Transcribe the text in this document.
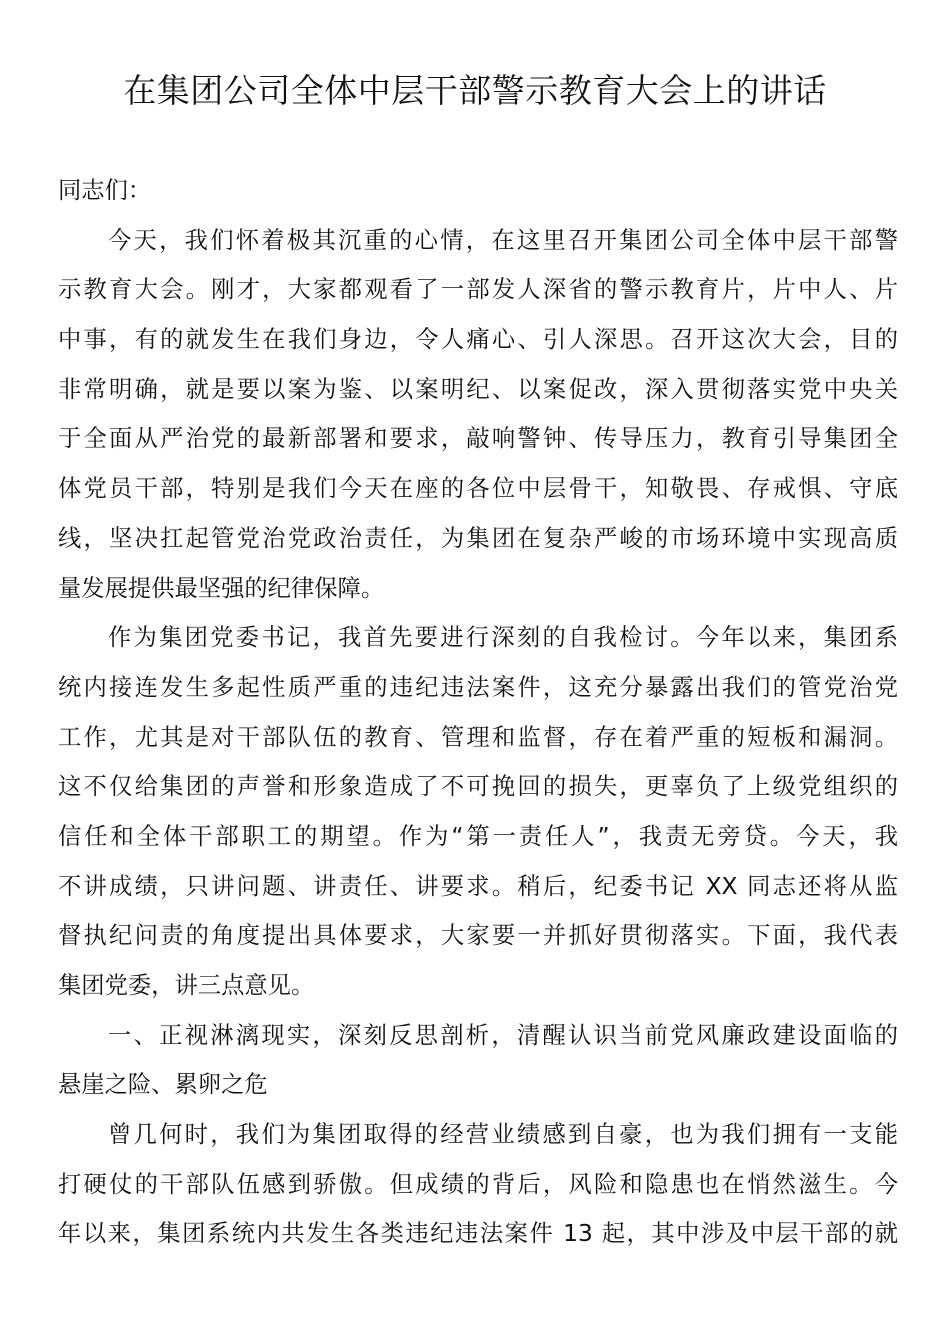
在集团公司全体中层干部警示教育大会上的讲话
同志们：
今天，我们怀着极其沉重的心情，在这里召开集团公司全体中层干部警
示教育大会。刚才，大家都观看了一部发人深省的警示教育片，片中人、片
中事，有的就发生在我们身边，令人痛心、引人深思。召开这次大会，目的
非常明确，就是要以案为鉴、以案明纪、以案促改，深入贯彻落实党中央关
于全面从严治党的最新部署和要求，敲响警钟、传导压力，教育引导集团全
体党员干部，特别是我们今天在座的各位中层骨干，知敬畏、存戒惧、守底
线，坚决扛起管党治党政治责任，为集团在复杂严峻的市场环境中实现高质
量发展提供最坚强的纪律保障。
作为集团党委书记，我首先要进行深刻的自我检讨。今年以来，集团系
统内接连发生多起性质严重的违纪违法案件，这充分暴露出我们的管党治党
工作，尤其是对干部队伍的教育、管理和监督，存在着严重的短板和漏洞。
这不仅给集团的声誉和形象造成了不可挽回的损失，更辜负了上级党组织的
信任和全体干部职工的期望。作为“第一责任人”，我责无旁贷。今天，我
不讲成绩，只讲问题、讲责任、讲要求。稍后，纪委书记 XX 同志还将从监
督执纪问责的角度提出具体要求，大家要一并抓好贯彻落实。下面，我代表
集团党委，讲三点意见。
一、正视淋漓现实，深刻反思剖析，清醒认识当前党风廉政建设面临的
悬崖之险、累卵之危
曾几何时，我们为集团取得的经营业绩感到自豪，也为我们拥有一支能
打硬仗的干部队伍感到骄傲。但成绩的背后，风险和隐患也在悄然滋生。今
年以来，集团系统内共发生各类违纪违法案件 13 起，其中涉及中层干部的就
